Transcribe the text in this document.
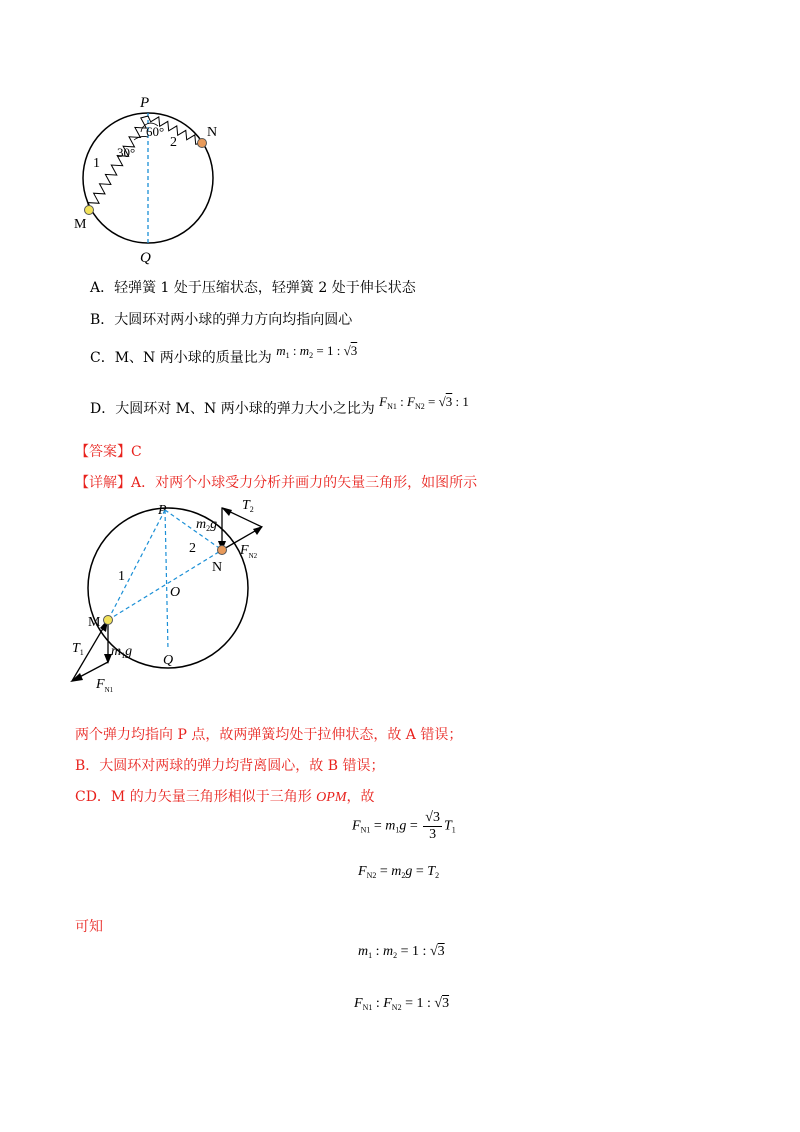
P
Q
M
N
1
2
60°
30°
A．轻弹簧 1 处于压缩状态，轻弹簧 2 处于伸长状态
B．大圆环对两小球的弹力方向均指向圆心
C．M、N 两小球的质量比为 $m_1$ : $m_2 = 1$ : √3
D．大圆环对 M、N 两小球的弹力大小之比为 $F_{N1}$ : $F_{N2} = √3$ : 1
【答案】C
【详解】A．对两个小球受力分析并画力的矢量三角形，如图所示
P
Q
O
M
N
1
2
$T_1$ $m_1g$
$F_{N1}$
$T_2$
$m_2g$
$F_{N2}$
两个弹力均指向 P 点，故两弹簧均处于拉伸状态，故 A 错误；
B．大圆环对两球的弹力均背离圆心，故 B 错误；
CD．M 的力矢量三角形相似于三角形 OPM，故
$F_{N1} = m_1g = \frac{√3}{3} T_1$
$F_{N2} = m_2g = T_2$
可知
$m_1$ : $m_2 = 1$ : √3
$F_{N1}$ : $F_{N2} = 1$ : √3
